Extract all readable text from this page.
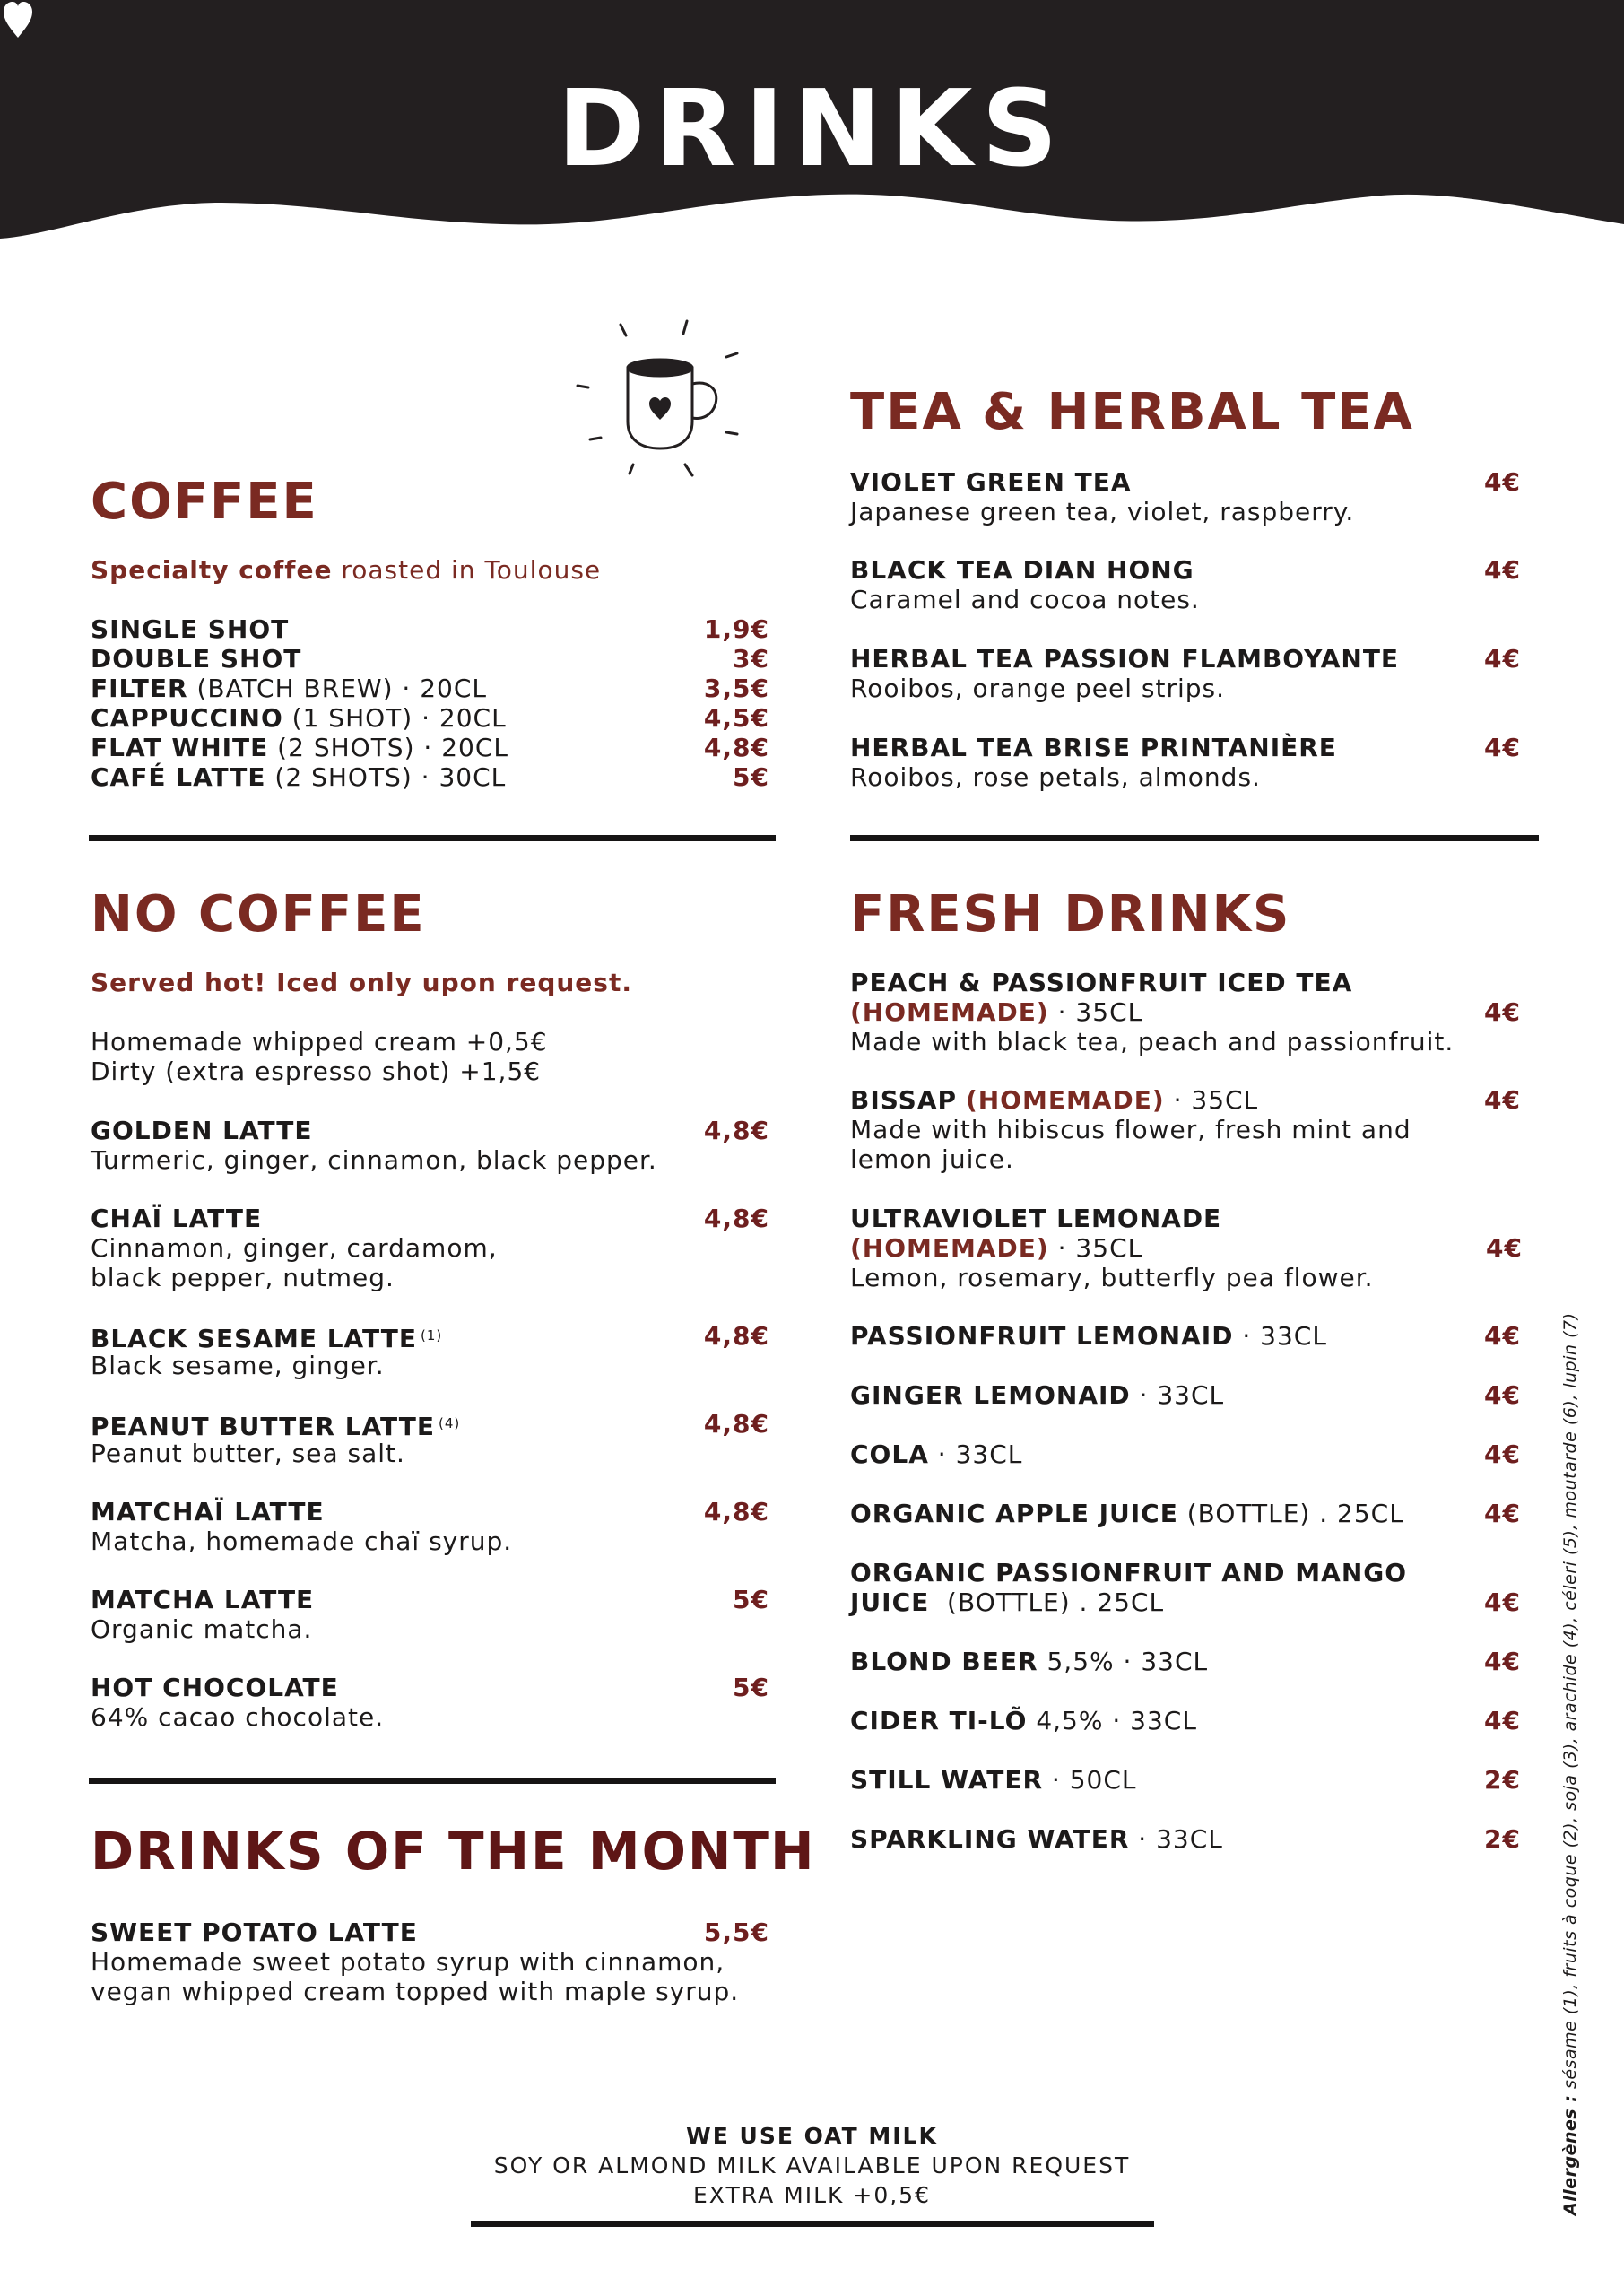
DRINKS
COFFEE
Specialty coffee roasted in Toulouse
SINGLE SHOT	1,9€
DOUBLE SHOT	3€
FILTER (BATCH BREW) · 20CL	3,5€
CAPPUCCINO (1 SHOT) · 20CL	4,5€
FLAT WHITE (2 SHOTS) · 20CL	4,8€
CAFÉ LATTE (2 SHOTS) · 30CL	5€
NO COFFEE
Served hot! Iced only upon request.
Homemade whipped cream +0,5€
Dirty (extra espresso shot) +1,5€
GOLDEN LATTE	4,8€
Turmeric, ginger, cinnamon, black pepper.
CHAÏ LATTE	4,8€
Cinnamon, ginger, cardamom,
black pepper, nutmeg.
BLACK SESAME LATTE $^{(1)}$	4,8€
Black sesame, ginger.
PEANUT BUTTER LATTE $^{(4)}$	4,8€
Peanut butter, sea salt.
MATCHAÏ LATTE	4,8€
Matcha, homemade chaï syrup.
MATCHA LATTE	5€
Organic matcha.
HOT CHOCOLATE	5€
64% cacao chocolate.
DRINKS OF THE MONTH
SWEET POTATO LATTE	5,5€
Homemade sweet potato syrup with cinnamon,
vegan whipped cream topped with maple syrup.
TEA & HERBAL TEA
VIOLET GREEN TEA	4€
Japanese green tea, violet, raspberry.
BLACK TEA DIAN HONG	4€
Caramel and cocoa notes.
HERBAL TEA PASSION FLAMBOYANTE	4€
Rooibos, orange peel strips.
HERBAL TEA BRISE PRINTANIÈRE	4€
Rooibos, rose petals, almonds.
FRESH DRINKS
PEACH & PASSIONFRUIT ICED TEA
(HOMEMADE) · 35CL	4€
Made with black tea, peach and passionfruit.
BISSAP (HOMEMADE) · 35CL	4€
Made with hibiscus flower, fresh mint and
lemon juice.
ULTRAVIOLET LEMONADE
(HOMEMADE) · 35CL	4€
Lemon, rosemary, butterfly pea flower.
PASSIONFRUIT LEMONAID · 33CL	4€
GINGER LEMONAID · 33CL	4€
COLA · 33CL	4€
ORGANIC APPLE JUICE (BOTTLE) . 25CL	4€
ORGANIC PASSIONFRUIT AND MANGO
JUICE  (BOTTLE) . 25CL	4€
BLOND BEER 5,5% · 33CL	4€
CIDER TI-LÕ 4,5% · 33CL	4€
STILL WATER · 50CL	2€
SPARKLING WATER · 33CL	2€
WE USE OAT MILK
SOY OR ALMOND MILK AVAILABLE UPON REQUEST
EXTRA MILK +0,5€	Allergènes : sésame (1), fruits à coque (2), soja (3), arachide (4), céleri (5), moutarde (6), lupin (7)
